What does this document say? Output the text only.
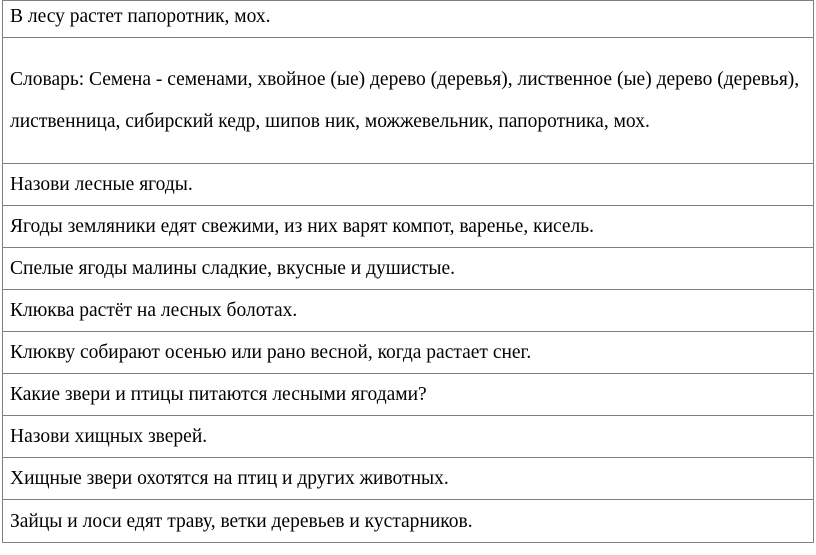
В лесу растет папоротник, мох.
Словарь: Семена - семенами, хвойное (ые) дерево (деревья), лиственное (ые) дерево (деревья), лиственница, сибирский кедр, шипов ник, можжевельник, папоротника, мох.
Назови лесные ягоды.
Ягоды земляники едят свежими, из них варят компот, варенье, кисель.
Спелые ягоды малины сладкие, вкусные и душистые.
Клюква растёт на лесных болотах.
Клюкву собирают осенью или рано весной, когда растает снег.
Какие звери и птицы питаются лесными ягодами?
Назови хищных зверей.
Хищные звери охотятся на птиц и других животных.
Зайцы и лоси едят траву, ветки деревьев и кустарников.
